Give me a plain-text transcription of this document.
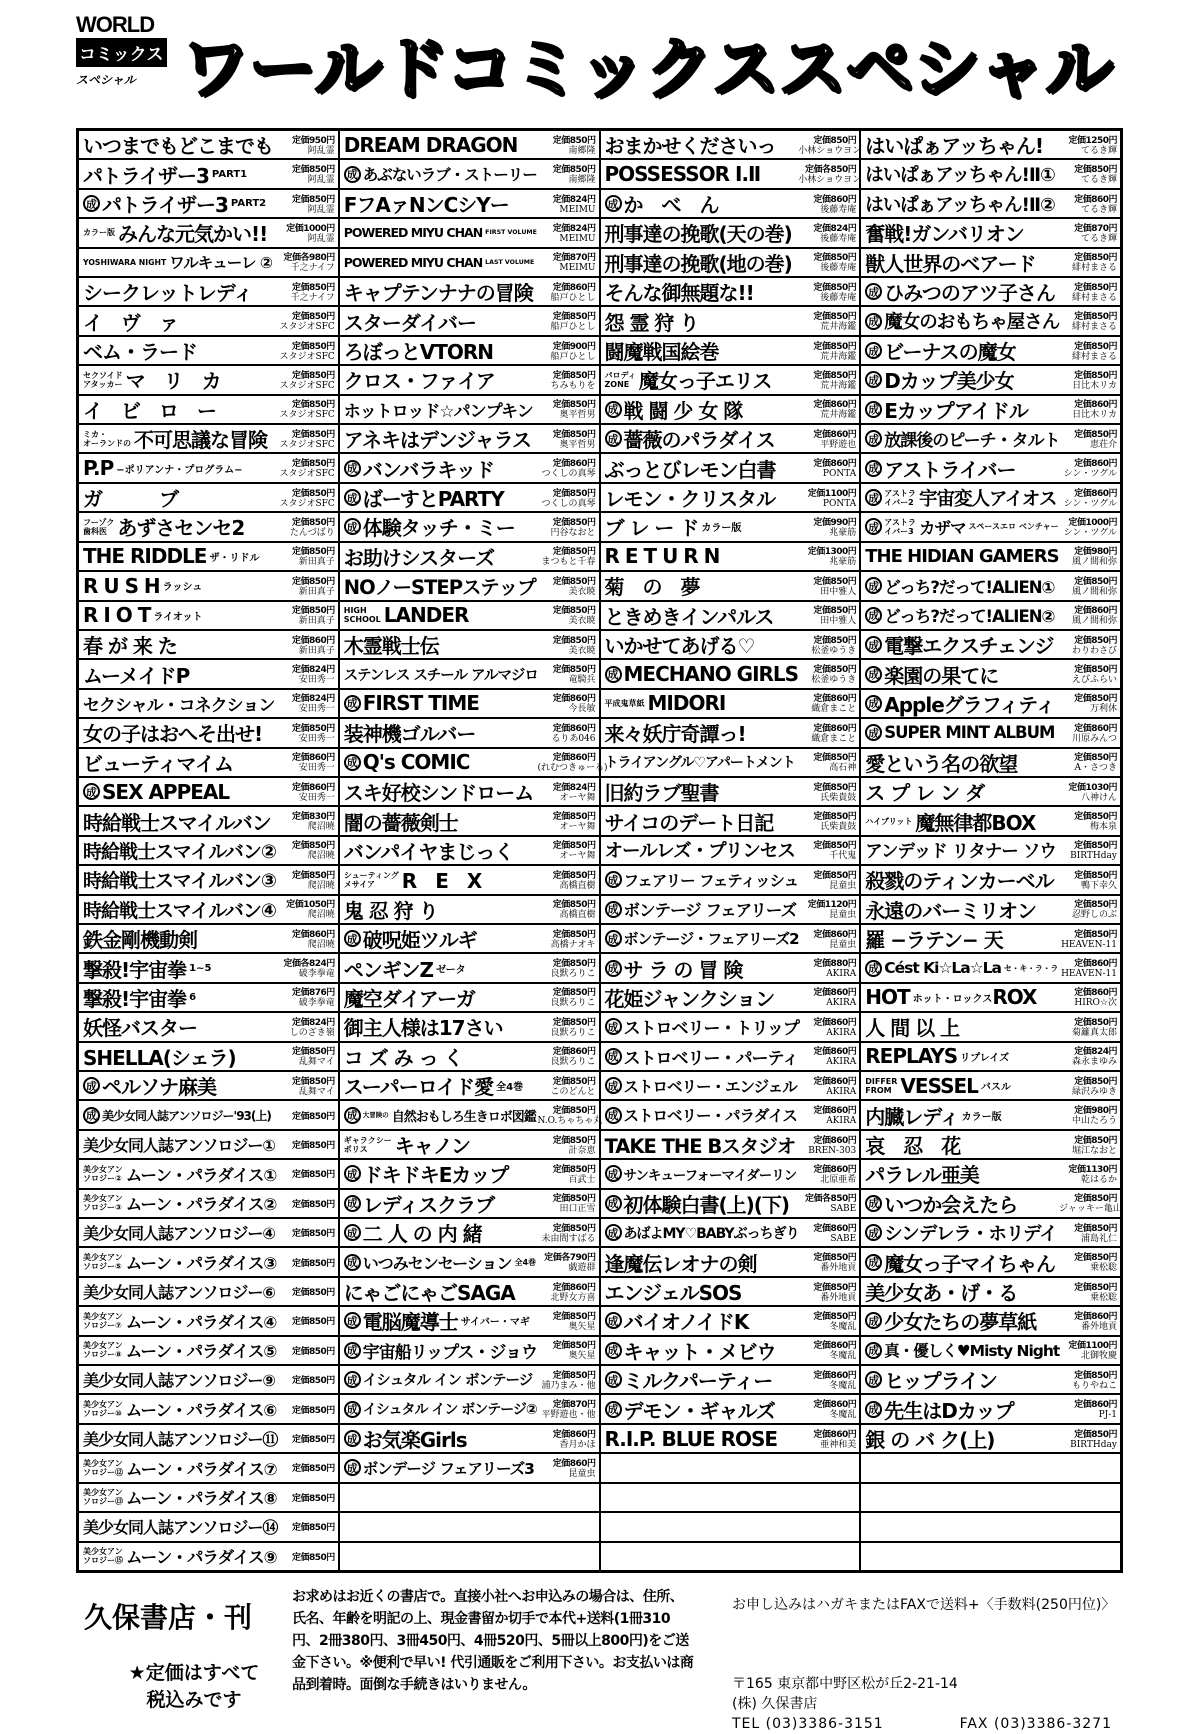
WORLD
コミックス
スペシャル ワールドコミックススペシャル
いつまでもどこまでも	定価950円
阿乱霊
パトライザー3 PART1	定価850円
阿乱霊
成 パトライザー3 PART2	定価850円
阿乱霊
カラー版 みんな元気かい!!	定価1000円
阿乱霊
YOSHIWARA NIGHT ワルキューレ ②	定価各980円
千之ナイフ
シークレットレディ	定価850円
千之ナイフ
イ　ヴ　ァ	定価850円
スタジオSFC
ベム・ラード	定価850円
スタジオSFC
セクソイド
アタッカー マ　リ　カ	定価850円
スタジオSFC
イ　ビ　ロ　ー	定価850円
スタジオSFC
ミカ・
オーランドの 不可思議な冒険	定価850円
スタジオSFC
P.P −ポリアンナ・プログラム−
定価850円
スタジオSFC
ガ　　　ブ	定価850円
スタジオSFC
フーゾク
歯科医 あずさセンセ2	定価850円
たんづばり
THE RIDDLE ザ・リドル
定価850円
新田真子
R U S H ラッシュ
定価850円
新田真子
R I O T ライオット
定価850円
新田真子
春 が 来 た	定価860円
新田真子
ムーメイドP	定価824円
安田秀一
セクシャル・コネクション	定価824円
安田秀一
女の子はおへそ出せ!	定価850円
安田秀一
ビューティマイム	定価860円
安田秀一
成 SEX APPEAL	定価860円
安田秀一
時給戦士スマイルバン	定価830円
爬沼曉
時給戦士スマイルバン②	定価850円
爬沼曉
時給戦士スマイルバン③	定価850円
爬沼曉
時給戦士スマイルバン④	定価1050円
爬沼曉
鉄金剛機動剣	定価860円
爬沼曉
撃殺!宇宙拳 1~5	定価各824円
破李拳竜
撃殺!宇宙拳 6	定価876円
破李拳竜
妖怪バスター	定価824円
しのざき嶺
SHELLA(シェラ)	定価850円
乱舞マイ
成 ペルソナ麻美	定価850円
乱舞マイ
成 美少女同人誌アンソロジー'93(上)	定価850円
美少女同人誌アンソロジー①	定価850円
美少女アン
ソロジー② ムーン・パラダイス①	定価850円
美少女アン
ソロジー③ ムーン・パラダイス②	定価850円
美少女同人誌アンソロジー④	定価850円
美少女アン
ソロジー⑤ ムーン・パラダイス③	定価850円
美少女同人誌アンソロジー⑥	定価850円
美少女アン
ソロジー⑦ ムーン・パラダイス④	定価850円
美少女アン
ソロジー⑧ ムーン・パラダイス⑤	定価850円
美少女同人誌アンソロジー⑨	定価850円
美少女アン
ソロジー⑩ ムーン・パラダイス⑥	定価850円
美少女同人誌アンソロジー⑪	定価850円
美少女アン
ソロジー⑫ ムーン・パラダイス⑦	定価850円
美少女アン
ソロジー⑬ ムーン・パラダイス⑧	定価850円
美少女同人誌アンソロジー⑭	定価850円
美少女アン
ソロジー⑮ ムーン・パラダイス⑨	定価850円
DREAM DRAGON	定価850円
南郷隆
成 あぶないラブ・ストーリー	定価850円
南郷隆
FフAァNンCシYー	定価824円
MEIMU
POWERED MIYU CHAN FIRST VOLUME	定価824円
MEIMU
POWERED MIYU CHAN LAST VOLUME	定価870円
MEIMU
キャプテンナナの冒険	定価860円
船戸ひとし
スターダイバー	定価850円
船戸ひとし
ろぼっとVTORN	定価900円
船戸ひとし
クロス・ファイア	定価850円
ちみもりを
ホットロッド☆パンプキン	定価850円
奥平哲男
アネキはデンジャラス	定価850円
奥平哲男
成 バンバラキッド	定価860円
つくしの真琴
成 ばーすとPARTY	定価850円
つくしの真琴
成 体験タッチ・ミー	定価850円
円谷なおと
お助けシスターズ	定価850円
まつもと千春
NOノーSTEPステップ	定価850円
美衣暁
HIGH
SCHOOL LANDER	定価850円
美衣暁
木霊戦士伝	定価850円
美衣暁
ステンレス スチール アルマジロ	定価850円
竜騎兵
成 FIRST TIME	定価860円
今長敏
装神機ゴルバー	定価860円
るりあ046
成 Q's COMIC	定価860円
(れむつきゅーる)
スキ好校シンドローム	定価824円
オーヤ舞
闇の薔薇剣士	定価850円
オーヤ舞
バンパイヤまじっく	定価850円
オーヤ舞
シューティング
メサイア	R　E　X	定価850円
高橋直樹
鬼 忍 狩 り	定価850円
高橋直樹
成 破呪姫ツルギ	定価850円
高橋ナオキ
ペンギンZ ゼータ
定価850円
良默ろりこ
魔空ダイアーガ	定価850円
良默ろりこ
御主人様は17さい	定価850円
良默ろりこ
コ ズ み っ く	定価860円
良默ろりこ
スーパーロイド愛 全4巻
定価850円
このどんと
成 大冒険の 自然おもしろ生きロボ図鑑	定価850円
N.O.ちゃちゃ丸
ギャラクシー
ポリス	キャノン	定価850円
計奈恵
成 ドキドキEカップ	定価850円
百武士
成 レディスクラブ	定価850円
田口正雪
成 二 人 の 内 緒	定価850円
未由間すばる
成 いつみセンセーション 全4巻 定価各790円
戯遊群
にゃごにゃごSAGA	定価860円
北野女方喜
成 電脳魔導士 サイバー・マギ
定価850円
奥矢星
成 宇宙船リップス・ジョウ	定価850円
奥矢星
成 イシュタル イン ボンテージ	定価850円
浦乃まみ・他
成 イシュタル イン ボンテージ②	定価870円
平野遊也・他
成 お気楽Girls	定価860円
香月かほ
成 ボンデージ フェアリーズ3	定価860円
昆童虫
おまかせくださいっ	定価850円
小林ショウヨン
POSSESSOR Ⅰ.Ⅱ	定価各850円
小林ショウヨン
成 か　べ　ん	定価860円
後藤寿庵
刑事達の挽歌(天の巻)	定価824円
後藤寿庵
刑事達の挽歌(地の巻)	定価850円
後藤寿庵
そんな御無題な!!	定価850円
後藤寿庵
怨 霊 狩 り	定価850円
荒井海鑑
闘魔戦国絵巻	定価850円
荒井海鑑
パロディ
ZONE 魔女っ子エリス	定価850円
荒井海鑑
成 戦 闘 少 女 隊	定価860円
荒井海鑑
成 薔薇のパラダイス	定価860円
平野遊也
ぶっとびレモン白書	定価860円
PONTA
レモン・クリスタル	定価1100円
PONTA
ブ レ ー ド カラー版
定価990円
兆豪筋
R E T U R N	定価1300円
兆豪筋
菊　の　夢	定価850円
田中雅人
ときめきインパルス	定価850円
田中雅人
いかせてあげる♡	定価850円
松釜ゆうき
成 MECHANO GIRLS	定価850円
松釜ゆうき
平成鬼草紙 MIDORI	定価860円
織倉まこと
来々妖庁奇譚っ!	定価860円
織倉まこと
トライアングル♡アパートメント	定価850円
高石神
旧約ラブ聖書	定価850円
氏柴貴鼓
サイコのデート日記	定価850円
氏柴貴鼓
オールレズ・プリンセス	定価850円
千代鬼
成 フェアリー フェティッシュ	定価850円
昆童虫
成 ボンテージ フェアリーズ	定価1120円
昆童虫
成 ボンテージ・フェアリーズ2	定価860円
昆童虫
成 サ ラ の 冒 険	定価880円
AKIRA
花姫ジャンクション	定価860円
AKIRA
成 ストロベリー・トリップ	定価860円
AKIRA
成 ストロベリー・パーティ	定価860円
AKIRA
成 ストロベリー・エンジェル	定価860円
AKIRA
成 ストロベリー・パラダイス	定価860円
AKIRA
TAKE THE Bスタジオ	定価860円
BREN-303
成 サンキューフォーマイダーリン	定価860円
北原亜希
成 初体験白書(上)(下)	定価各850円
SABE
成 あばよMY♡BABYぶっちぎり	定価860円
SABE
逢魔伝レオナの剣	定価850円
番外地貢
エンジェルSOS	定価850円
番外地貢
成 バイオノイドK	定価850円
冬魔乱
成 キャット・メビウ	定価860円
冬魔乱
成 ミルクパーティー	定価860円
冬魔乱
成 デモン・ギャルズ	定価860円
冬魔乱
R.I.P. BLUE ROSE	定価860円
亜神和美
はいぱぁアッちゃん!	定価1250円
てるき輝
はいぱぁアッちゃん!Ⅱ①	定価850円
てるき輝
はいぱぁアッちゃん!Ⅱ②	定価860円
てるき輝
奮戦!ガンバリオン	定価870円
てるき輝
獣人世界のベアード	定価850円
緋村まさる
成 ひみつのアツ子さん	定価850円
緋村まさる
成 魔女のおもちゃ屋さん	定価850円
緋村まさる
成 ビーナスの魔女	定価850円
緋村まさる
成 Dカップ美少女	定価850円
日比木リカ
成 Eカップアイドル	定価860円
日比木リカ
成 放課後のピーチ・タルト	定価850円
恵荘介
成 アストライバー	定価860円
シン・ツグル
成 アストラ
イバー2 宇宙変人アイオス	定価860円
シン・ツグル
成 アストラ
イバー3 カザマ スペースエロ ベンチャー	定価1000円
シン・ツグル
THE HIDIAN GAMERS	定価980円
風ノ間和弥
成 どっち?だって!ALIEN①	定価850円
風ノ間和弥
成 どっち?だって!ALIEN②	定価860円
風ノ間和弥
成 電撃エクスチェンジ	定価850円
わりわさび
成 楽園の果てに	定価850円
えびふらい
成 Appleグラフィティ	定価850円
万利休
成 SUPER MINT ALBUM	定価860円
川原みんつ
愛という名の欲望	定価850円
A・さつき
ス プ レ ン ダ	定価1030円
八神けん
ハイブリット 魔無律都BOX	定価850円
梅本泉
アンデッド リタナー ソウ	定価850円
BIRTHday
殺戮のティンカーベル	定価850円
鴨下幸久
永遠のバーミリオン	定価850円
忍野しのぶ
羅 −ラテン− 天	定価850円
HEAVEN-11
成 Cést Ki☆La☆La セ・キ・ラ・ラ	定価860円
HEAVEN-11
HOT ホット・ロックス ROX	定価860円
HIRO☆次
人 間 以 上	定価850円
菊籬真太郎
REPLAYS リプレイズ
定価824円
森永まゆみ
DIFFER
FROM VESSEL バスル
定価850円
緑沢みゆき
内臓レディ カラー版
定価980円
中山たろう
哀　忍　花	定価850円
堀江なおと
パラレル亜美	定価1130円
乾はるか
成 いつか会えたら	定価850円
ジャッキー亀山
成 シンデレラ・ホリデイ	定価850円
浦島礼仁
成 魔女っ子マイちゃん	定価850円
乗松聡
美少女あ・げ・る	定価850円
乗松聡
成 少女たちの夢草紙	定価860円
番外地貢
成 真・優しく♥Misty Night	定価1100円
北御牧慶
成 ヒップライン	定価850円
もりやねこ
成 先生はDカップ	定価860円
PJ-1
銀 の バ ク(上)	定価850円
BIRTHday
久保書店・刊
★定価はすべて
税込みです
お求めはお近くの書店で。直接小社へお申込みの場合は、住所、氏名、年齢を明記の上、現金書留か切手で本代+送料(1冊310円、2冊380円、3冊450円、4冊520円、5冊以上800円)をご送金下さい。※便利で早い! 代引通販をご利用下さい。お支払いは商品到着時。面倒な手続きはいりません。
お申し込みはハガキまたはFAXで送料+〈手数料(250円位)〉
〒165 東京都中野区松が丘2-21-14
(株) 久保書店
TEL (03)3386-3151	FAX (03)3386-3271
